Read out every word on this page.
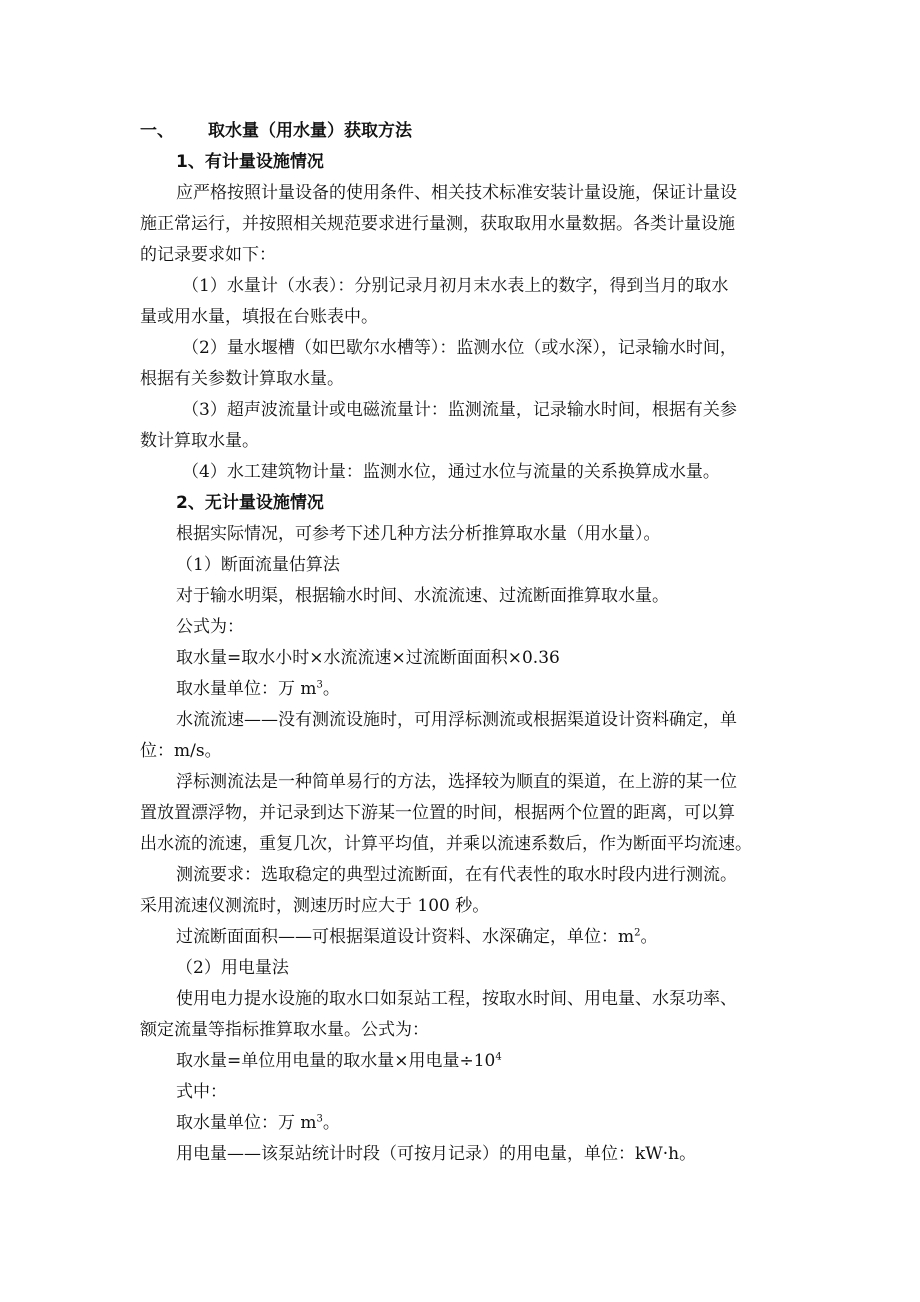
一、 取水量（用水量）获取方法

1、有计量设施情况

应严格按照计量设备的使用条件、相关技术标准安装计量设施，保证计量设

施正常运行，并按照相关规范要求进行量测，获取取用水量数据。各类计量设施

的记录要求如下：

（1）水量计（水表）：分别记录月初月末水表上的数字，得到当月的取水

量或用水量，填报在台账表中。

（2）量水堰槽（如巴歇尔水槽等）：监测水位（或水深），记录输水时间，

根据有关参数计算取水量。

（3）超声波流量计或电磁流量计：监测流量，记录输水时间，根据有关参

数计算取水量。

（4）水工建筑物计量：监测水位，通过水位与流量的关系换算成水量。

2、无计量设施情况

根据实际情况，可参考下述几种方法分析推算取水量（用水量）。

（1）断面流量估算法

对于输水明渠，根据输水时间、水流流速、过流断面推算取水量。

公式为：

取水量=取水小时×水流流速×过流断面面积×0.36

取水量单位：万 $m^3$。

水流流速——没有测流设施时，可用浮标测流或根据渠道设计资料确定，单

位：m/s。

浮标测流法是一种简单易行的方法，选择较为顺直的渠道，在上游的某一位

置放置漂浮物，并记录到达下游某一位置的时间，根据两个位置的距离，可以算

出水流的流速，重复几次，计算平均值，并乘以流速系数后，作为断面平均流速。

测流要求：选取稳定的典型过流断面，在有代表性的取水时段内进行测流。

采用流速仪测流时，测速历时应大于 100 秒。

过流断面面积——可根据渠道设计资料、水深确定，单位：$m^2$。

（2）用电量法

使用电力提水设施的取水口如泵站工程，按取水时间、用电量、水泵功率、

额定流量等指标推算取水量。公式为：

取水量=单位用电量的取水量×用电量$\div 10^4$

式中：

取水量单位：万 $m^3$。

用电量——该泵站统计时段（可按月记录）的用电量，单位：kW·h。
